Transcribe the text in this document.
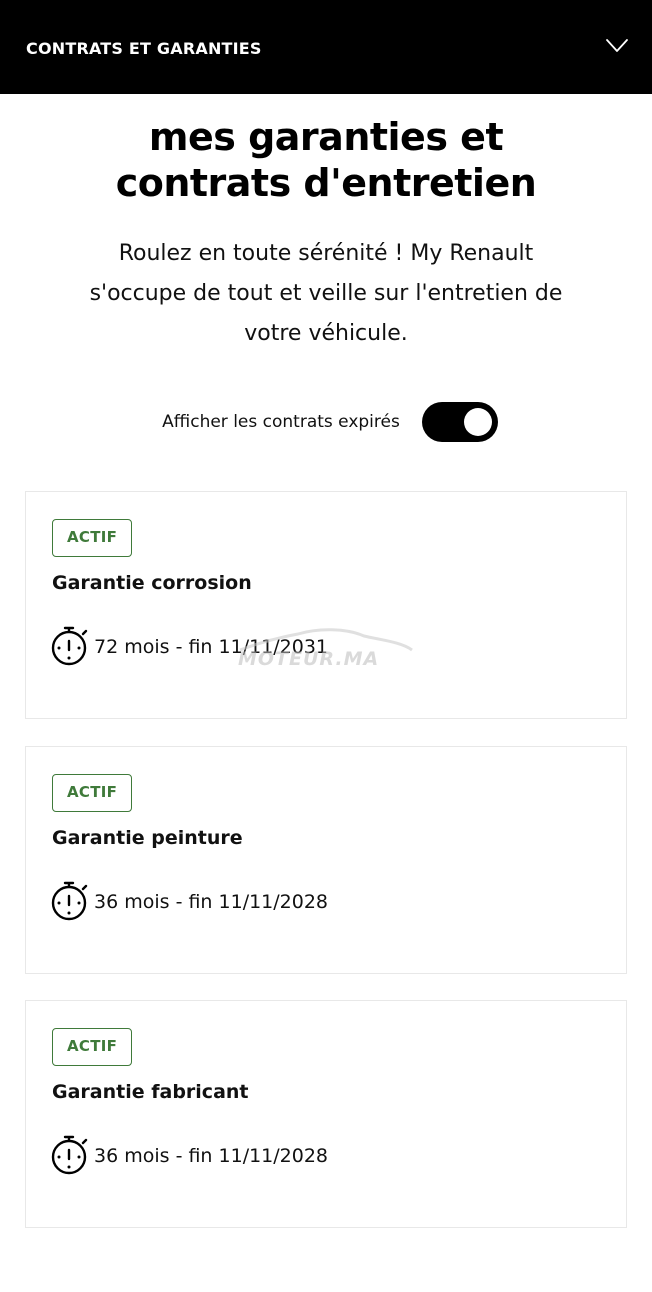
CONTRATS ET GARANTIES
mes garanties et
contrats d'entretien
Roulez en toute sérénité ! My Renault
s'occupe de tout et veille sur l'entretien de
votre véhicule.
Afficher les contrats expirés
ACTIF
Garantie corrosion
72 mois - fin 11/11/2031
ACTIF
Garantie peinture
36 mois - fin 11/11/2028
ACTIF
Garantie fabricant
36 mois - fin 11/11/2028
MOTEUR.MA
